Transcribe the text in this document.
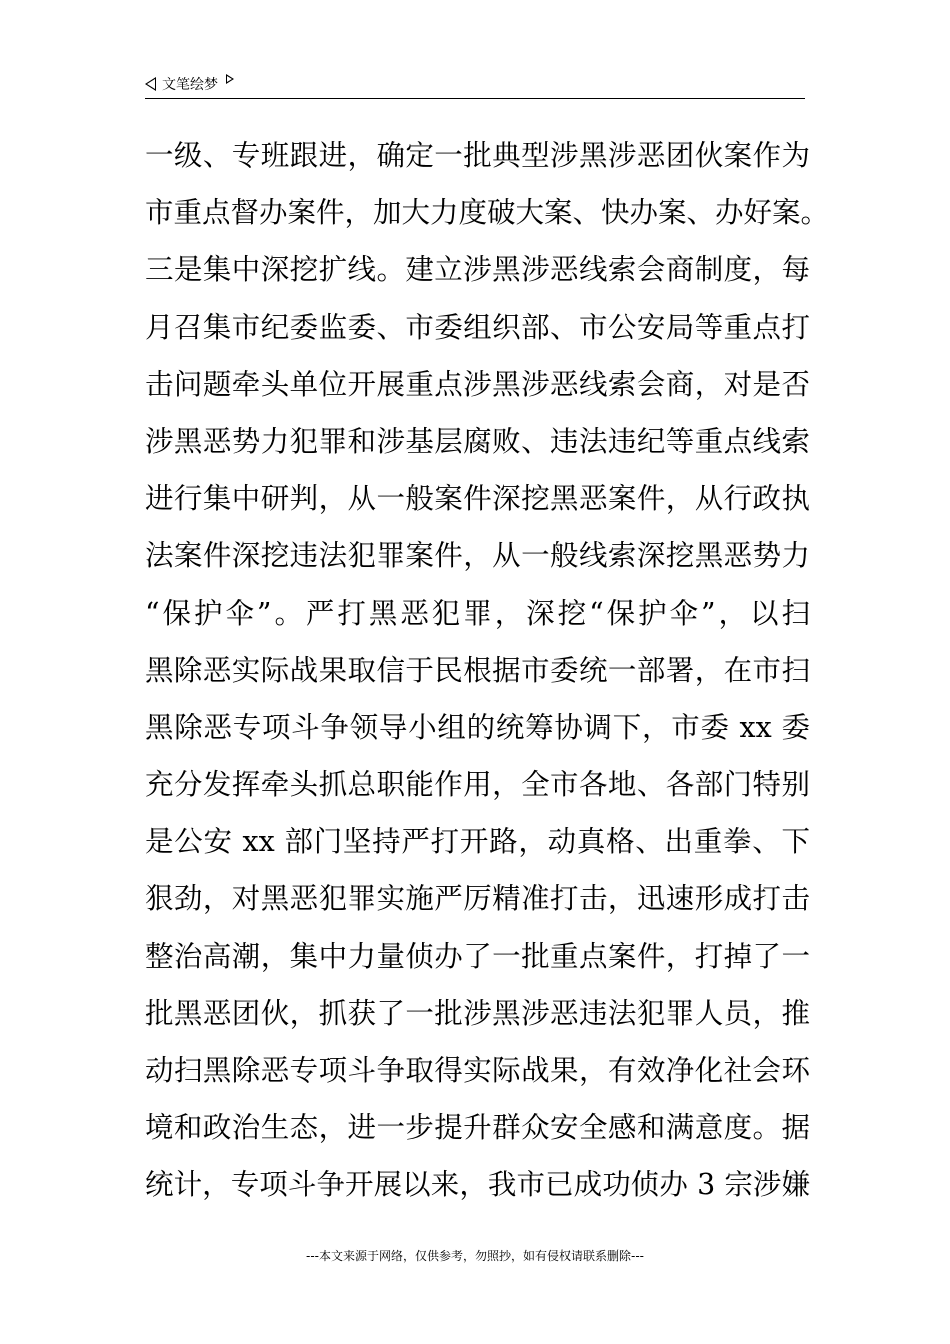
文笔绘梦
一级、专班跟进，确定一批典型涉黑涉恶团伙案作为
市重点督办案件，加大力度破大案、快办案、办好案。
三是集中深挖扩线。建立涉黑涉恶线索会商制度，每
月召集市纪委监委、市委组织部、市公安局等重点打
击问题牵头单位开展重点涉黑涉恶线索会商，对是否
涉黑恶势力犯罪和涉基层腐败、违法违纪等重点线索
进行集中研判，从一般案件深挖黑恶案件，从行政执
法案件深挖违法犯罪案件，从一般线索深挖黑恶势力
“保护伞”。严打黑恶犯罪，深挖“保护伞”，以扫
黑除恶实际战果取信于民根据市委统一部署，在市扫
黑除恶专项斗争领导小组的统筹协调下，市委 xx 委
充分发挥牵头抓总职能作用，全市各地、各部门特别
是公安 xx 部门坚持严打开路，动真格、出重拳、下
狠劲，对黑恶犯罪实施严厉精准打击，迅速形成打击
整治高潮，集中力量侦办了一批重点案件，打掉了一
批黑恶团伙，抓获了一批涉黑涉恶违法犯罪人员，推
动扫黑除恶专项斗争取得实际战果，有效净化社会环
境和政治生态，进一步提升群众安全感和满意度。据
统计，专项斗争开展以来，我市已成功侦办 3 宗涉嫌
---本文来源于网络，仅供参考，勿照抄，如有侵权请联系删除---
